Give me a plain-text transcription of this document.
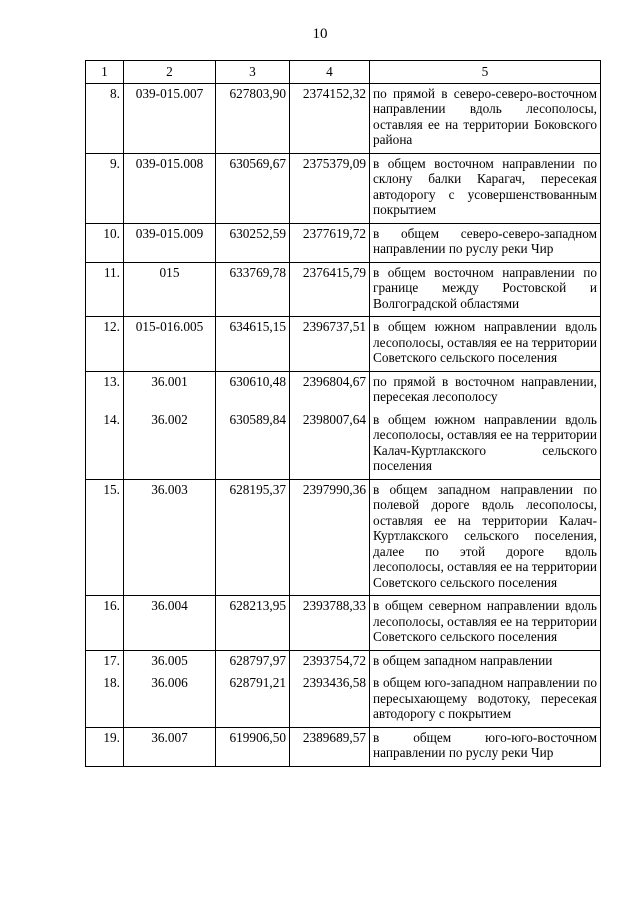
10
1	2	3	4	5
8.	039-015.007	627803,90	2374152,32	по прямой в северо-северо-восточном направлении вдоль лесополосы, оставляя ее на территории Боковского района
9.	039-015.008	630569,67	2375379,09	в общем восточном направлении по склону балки Карагач, пересекая автодорогу с усовершенствованным покрытием
10.	039-015.009	630252,59	2377619,72	в общем северо-северо-западном направлении по руслу реки Чир
11.	015	633769,78	2376415,79	в общем восточном направлении по границе между Ростовской и Волгоградской областями
12.	015-016.005	634615,15	2396737,51	в общем южном направлении вдоль лесополосы, оставляя ее на территории Советского сельского поселения
13.	36.001	630610,48	2396804,67	по прямой в восточном направлении, пересекая лесополосу
14.	36.002	630589,84	2398007,64	в общем южном направлении вдоль лесополосы, оставляя ее на территории Калач-Куртлакского сельского поселения
15.	36.003	628195,37	2397990,36	в общем западном направлении по полевой дороге вдоль лесополосы, оставляя ее на территории Калач-Куртлакского сельского поселения, далее по этой дороге вдоль лесополосы, оставляя ее на территории Советского сельского поселения
16.	36.004	628213,95	2393788,33	в общем северном направлении вдоль лесополосы, оставляя ее на территории Советского сельского поселения
17.	36.005	628797,97	2393754,72	в общем западном направлении
18.	36.006	628791,21	2393436,58	в общем юго-западном направлении по пересыхающему водотоку, пересекая автодорогу с покрытием
19.	36.007	619906,50	2389689,57	в общем юго-юго-восточном направлении по руслу реки Чир
